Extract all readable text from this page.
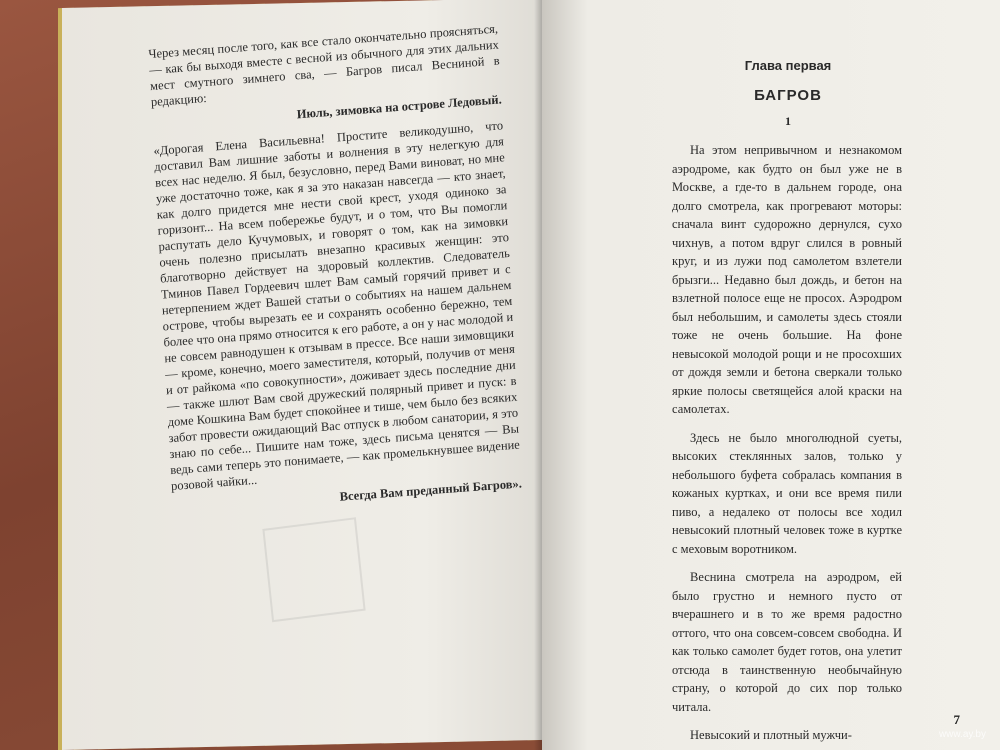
Через месяц после того, как все стало окончательно проясняться, — как бы выходя вместе с весной из обычного для этих дальних мест смутного зимнего сва, — Багров писал Весниной в редакцию:	Июль, зимовка на острове Ледовый.

«Дорогая Елена Васильевна! Простите великодушно, что доставил Вам лишние заботы и волнения в эту нелегкую для всех нас неделю. Я был, безусловно, перед Вами виноват, но мне уже достаточно тоже, как я за это наказан навсегда — кто знает, как долго придется мне нести свой крест, уходя одиноко за горизонт... На всем побережье будут, и о том, что Вы помогли распутать дело Кучумовых, и говорят о том, как на зимовки очень полезно присылать внезапно красивых женщин: это благотворно действует на здоровый коллектив. Следователь Тминов Павел Гордеевич шлет Вам самый горячий привет и с нетерпением ждет Вашей статьи о событиях на нашем дальнем острове, чтобы вырезать ее и сохранять особенно бережно, тем более что она прямо относится к его работе, а он у нас молодой и не совсем равнодушен к отзывам в прессе. Все наши зимовщики — кроме, конечно, моего заместителя, который, получив от меня и от райкома «по совокупности», доживает здесь последние дни — также шлют Вам свой дружеский полярный привет и пуск: в доме Кошкина Вам будет спокойнее и тише, чем было без всяких забот провести ожидающий Вас отпуск в любом санатории, я это знаю по себе... Пишите нам тоже, здесь письма ценятся — Вы ведь сами теперь это понимаете, — как промелькнувшее видение розовой чайки...	Всегда Вам преданный Багров».

Глава первая
БАГРОВ
1

На этом непривычном и незнакомом аэродроме, как будто он был уже не в Москве, а где-то в дальнем городе, она долго смотрела, как прогревают моторы: сначала винт судорожно дернулся, сухо чихнув, а потом вдруг слился в ровный круг, и из лужи под самолетом взлетели брызги... Недавно был дождь, и бетон на взлетной полосе еще не просох. Аэродром был небольшим, и самолеты здесь стояли тоже не очень большие. На фоне невысокой молодой рощи и не просохших от дождя земли и бетона сверкали только яркие полосы светящейся алой краски на самолетах.

Здесь не было многолюдной суеты, высоких стеклянных залов, только у небольшого буфета собралась компания в кожаных куртках, и они все время пили пиво, а недалеко от полосы все ходил невысокий плотный человек тоже в куртке с меховым воротником.

Веснина смотрела на аэродром, ей было грустно и немного пусто от вчерашнего и в то же время радостно оттого, что она совсем-совсем свободна. И как только самолет будет готов, она улетит отсюда в таинственную необычайную страну, о которой до сих пор только читала.

Невысокий и плотный мужчи-

7
www.ay.by
